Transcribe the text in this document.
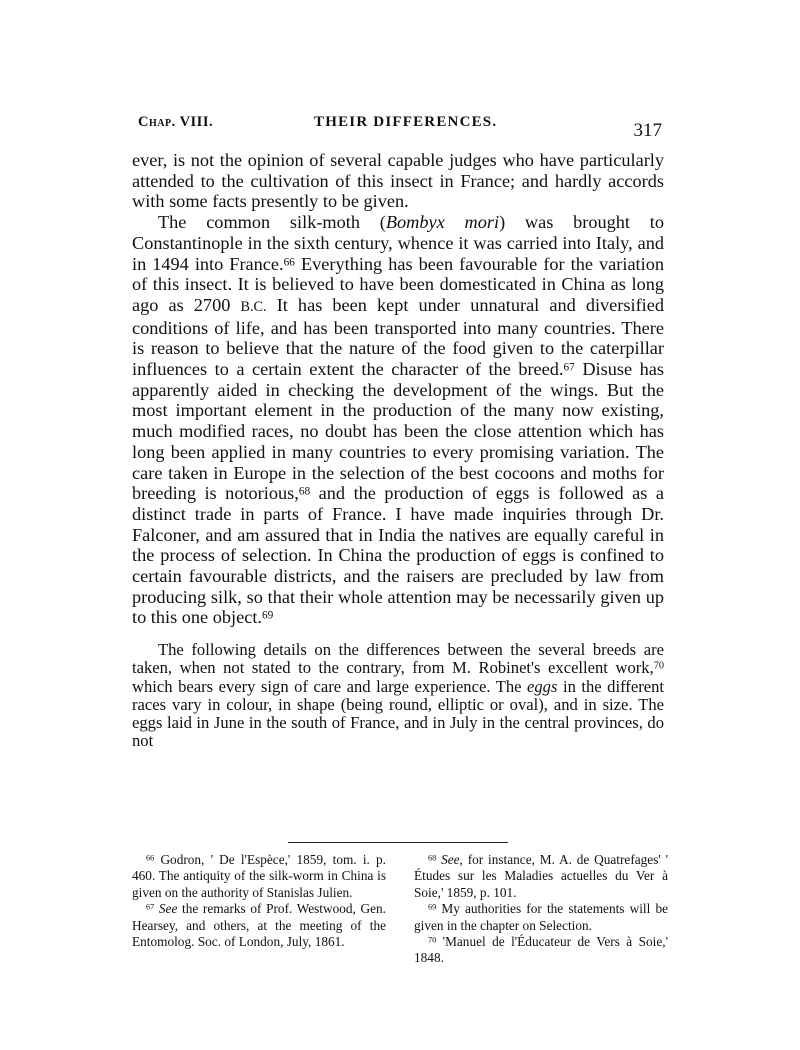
Chap. VIII.	THEIR DIFFERENCES.	317

ever, is not the opinion of several capable judges who have particularly attended to the cultivation of this insect in France; and hardly accords with some facts presently to be given.

The common silk-moth (Bombyx mori) was brought to Constantinople in the sixth century, whence it was carried into Italy, and in 1494 into France.$^{66}$ Everything has been favourable for the variation of this insect. It is believed to have been domesticated in China as long ago as 2700 B.C. It has been kept under unnatural and diversified conditions of life, and has been transported into many countries. There is reason to believe that the nature of the food given to the caterpillar influences to a certain extent the character of the breed.$^{67}$ Disuse has apparently aided in checking the development of the wings. But the most important element in the production of the many now existing, much modified races, no doubt has been the close attention which has long been applied in many countries to every promising variation. The care taken in Europe in the selection of the best cocoons and moths for breeding is notorious,$^{68}$ and the production of eggs is followed as a distinct trade in parts of France. I have made inquiries through Dr. Falconer, and am assured that in India the natives are equally careful in the process of selection. In China the production of eggs is confined to certain favourable districts, and the raisers are precluded by law from producing silk, so that their whole attention may be necessarily given up to this one object.$^{69}$

The following details on the differences between the several breeds are taken, when not stated to the contrary, from M. Robinet's excellent work,$^{70}$ which bears every sign of care and large experience. The eggs in the different races vary in colour, in shape (being round, elliptic or oval), and in size. The eggs laid in June in the south of France, and in July in the central provinces, do not

$^{66}$ Godron, ' De l'Espèce,' 1859, tom. i. p. 460. The antiquity of the silk-worm in China is given on the authority of Stanislas Julien.

$^{67}$ See the remarks of Prof. Westwood, Gen. Hearsey, and others, at the meeting of the Entomolog. Soc. of London, July, 1861.

$^{68}$ See, for instance, M. A. de Quatrefages' ' Études sur les Maladies actuelles du Ver à Soie,' 1859, p. 101.

$^{69}$ My authorities for the statements will be given in the chapter on Selection.

$^{70}$ 'Manuel de l'Éducateur de Vers à Soie,' 1848.
